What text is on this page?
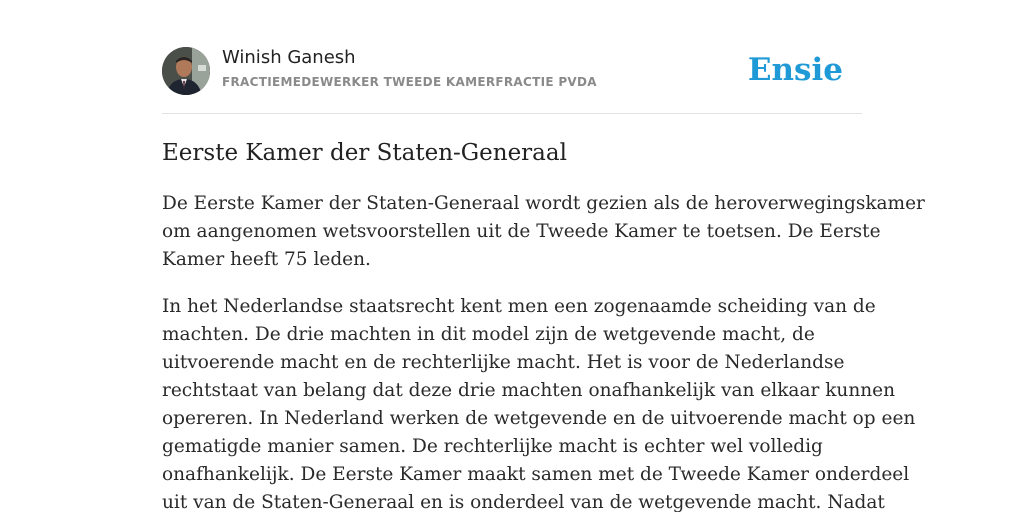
Winish Ganesh
FRACTIEMEDEWERKER TWEEDE KAMERFRACTIE PVDA	Ensie
Eerste Kamer der Staten-Generaal

De Eerste Kamer der Staten-Generaal wordt gezien als de heroverwegingskamer
om aangenomen wetsvoorstellen uit de Tweede Kamer te toetsen. De Eerste
Kamer heeft 75 leden.

In het Nederlandse staatsrecht kent men een zogenaamde scheiding van de
machten. De drie machten in dit model zijn de wetgevende macht, de
uitvoerende macht en de rechterlijke macht. Het is voor de Nederlandse
rechtstaat van belang dat deze drie machten onafhankelijk van elkaar kunnen
opereren. In Nederland werken de wetgevende en de uitvoerende macht op een
gematigde manier samen. De rechterlijke macht is echter wel volledig
onafhankelijk. De Eerste Kamer maakt samen met de Tweede Kamer onderdeel
uit van de Staten-Generaal en is onderdeel van de wetgevende macht. Nadat
